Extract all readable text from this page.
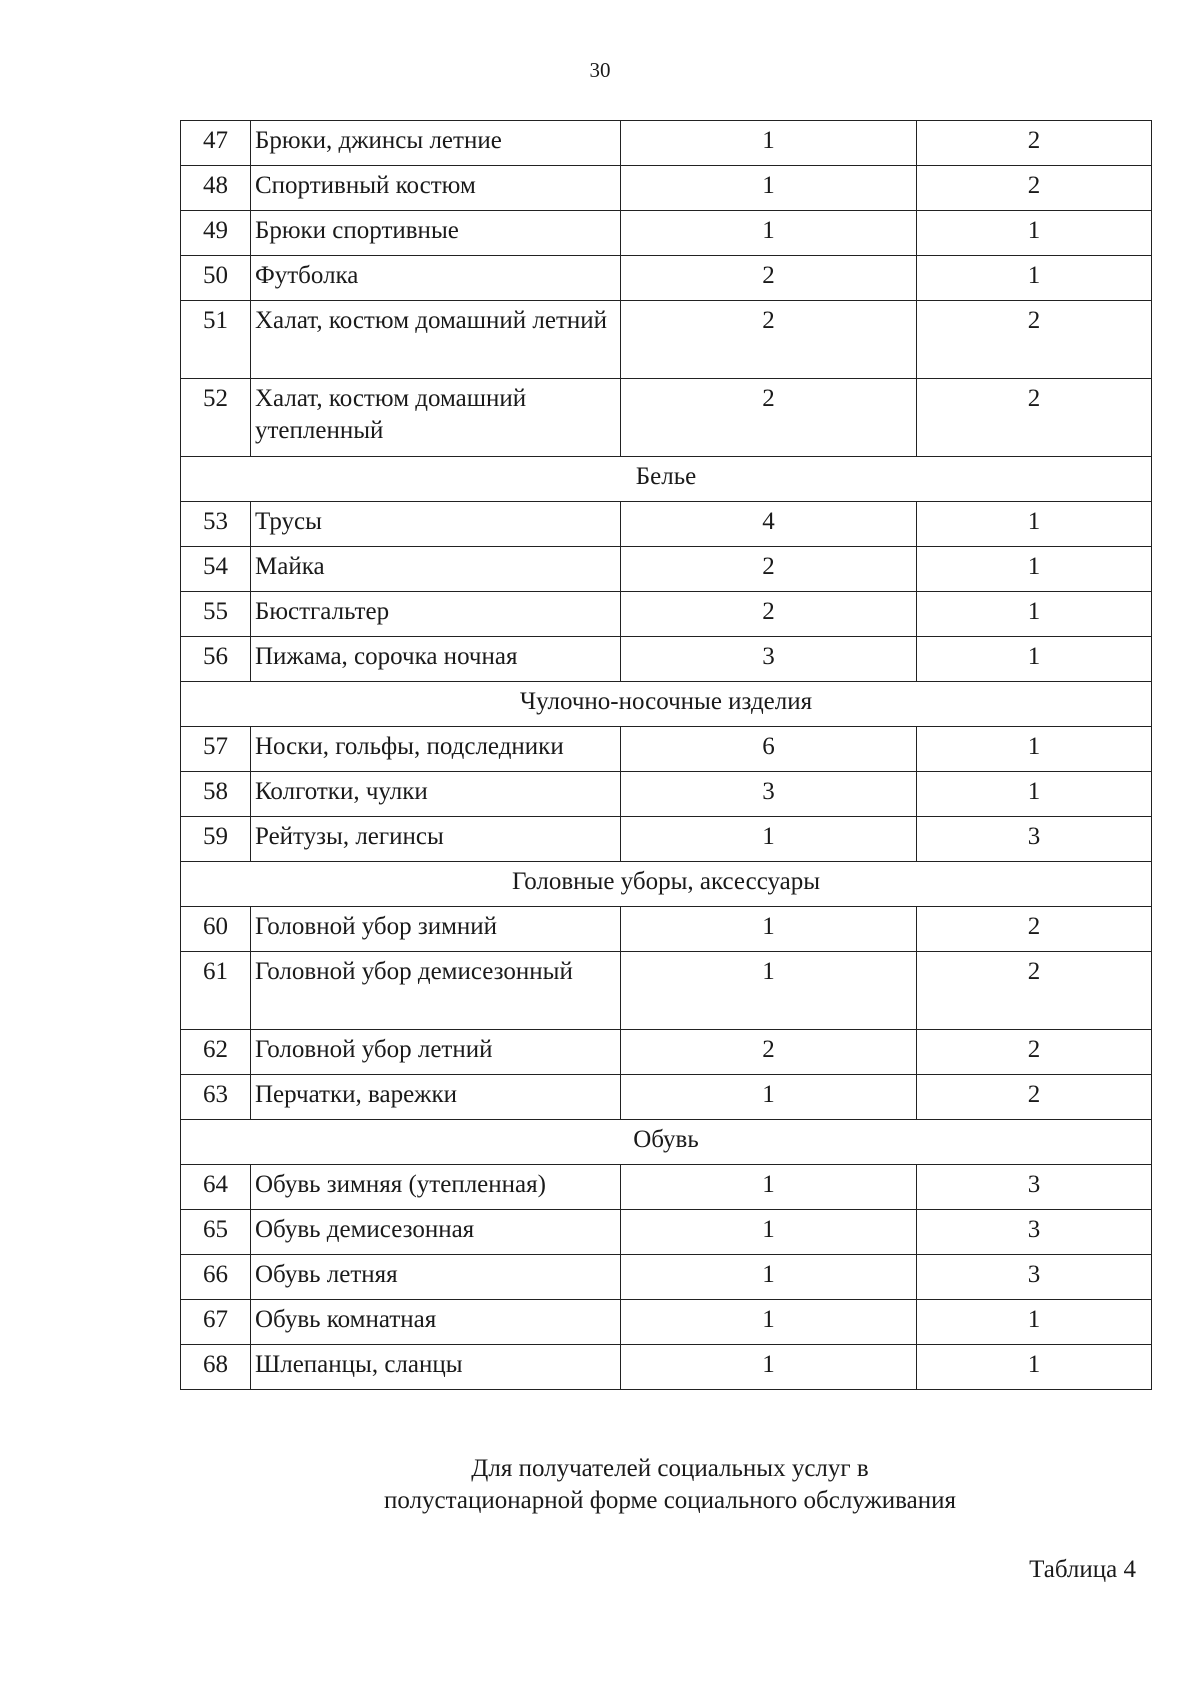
30
47	Брюки, джинсы летние	1	2
48	Спортивный костюм	1	2
49	Брюки спортивные	1	1
50	Футболка	2	1
51	Халат, костюм домашний летний	2	2
52	Халат, костюм домашний утепленный	2	2
Белье			
53	Трусы	4	1
54	Майка	2	1
55	Бюстгальтер	2	1
56	Пижама, сорочка ночная	3	1
Чулочно-носочные изделия			
57	Носки, гольфы, подследники	6	1
58	Колготки, чулки	3	1
59	Рейтузы, легинсы	1	3
Головные уборы, аксессуары			
60	Головной убор зимний	1	2
61	Головной убор демисезонный	1	2
62	Головной убор летний	2	2
63	Перчатки, варежки	1	2
Обувь			
64	Обувь зимняя (утепленная)	1	3
65	Обувь демисезонная	1	3
66	Обувь летняя	1	3
67	Обувь комнатная	1	1
68	Шлепанцы, сланцы	1	1
Для получателей социальных услуг в
полустационарной форме социального обслуживания
Таблица 4
